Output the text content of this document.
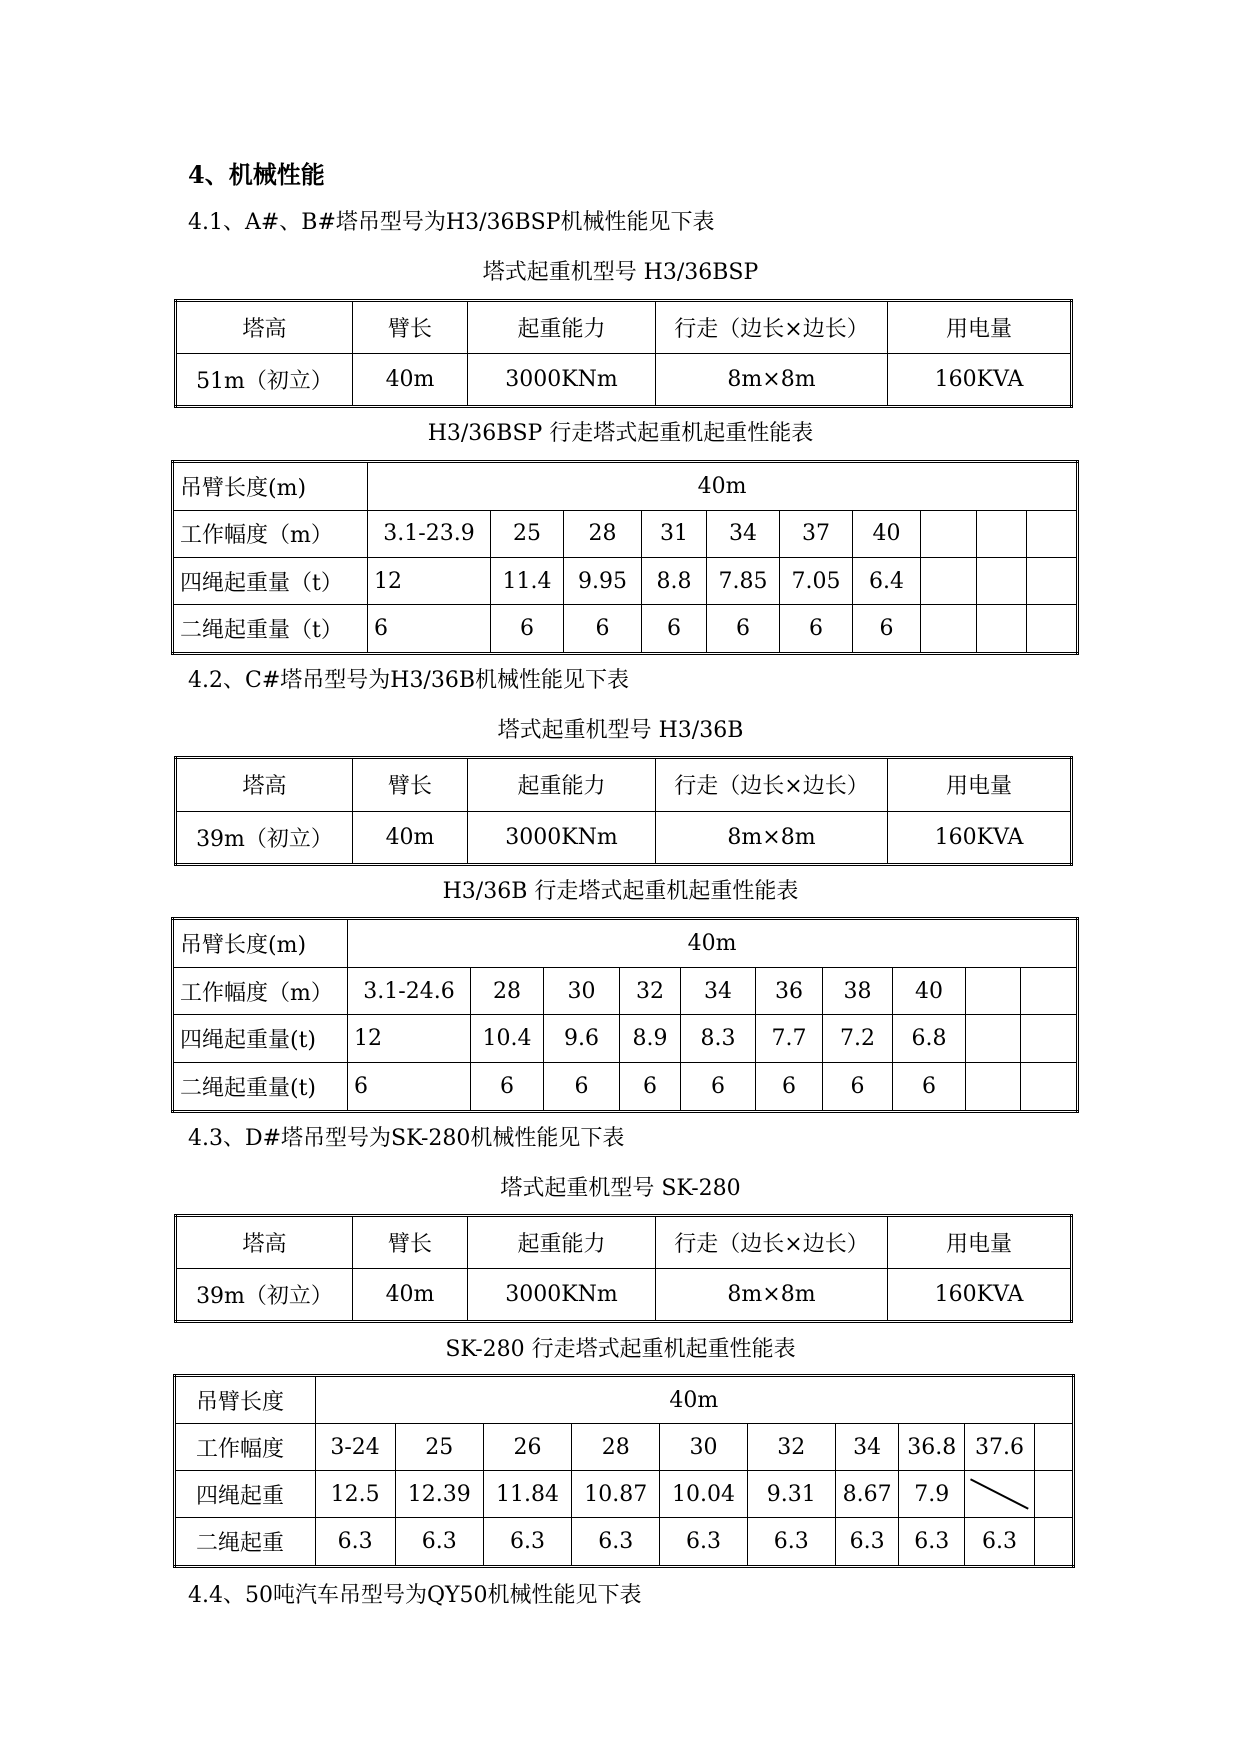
4、机械性能
4.1、A#、B#塔吊型号为H3/36BSP机械性能见下表
塔式起重机型号 H3/36BSP
塔高	臂长	起重能力	行走（边长×边长）	用电量
51m（初立）	40m	3000KNm	8m×8m	160KVA
H3/36BSP 行走塔式起重机起重性能表
吊臂长度(m)	40m									
工作幅度（m）	3.1-23.9	25	28	31	34	37	40			
四绳起重量（t）	12	11.4	9.95	8.8	7.85	7.05	6.4			
二绳起重量（t）	6	6	6	6	6	6	6			
4.2、C#塔吊型号为H3/36B机械性能见下表
塔式起重机型号 H3/36B
塔高	臂长	起重能力	行走（边长×边长）	用电量
39m（初立）	40m	3000KNm	8m×8m	160KVA
H3/36B 行走塔式起重机起重性能表
吊臂长度(m)	40m									
工作幅度（m）	3.1-24.6	28	30	32	34	36	38	40		
四绳起重量(t)	12	10.4	9.6	8.9	8.3	7.7	7.2	6.8		
二绳起重量(t)	6	6	6	6	6	6	6	6		
4.3、D#塔吊型号为SK-280机械性能见下表
塔式起重机型号 SK-280
塔高	臂长	起重能力	行走（边长×边长）	用电量
39m（初立）	40m	3000KNm	8m×8m	160KVA
SK-280 行走塔式起重机起重性能表
吊臂长度	40m									
工作幅度	3-24	25	26	28	30	32	34	36.8	37.6	
四绳起重	12.5	12.39	11.84	10.87	10.04	9.31	8.67	7.9	

二绳起重	6.3	6.3	6.3	6.3	6.3	6.3	6.3	6.3	6.3	
4.4、50吨汽车吊型号为QY50机械性能见下表
